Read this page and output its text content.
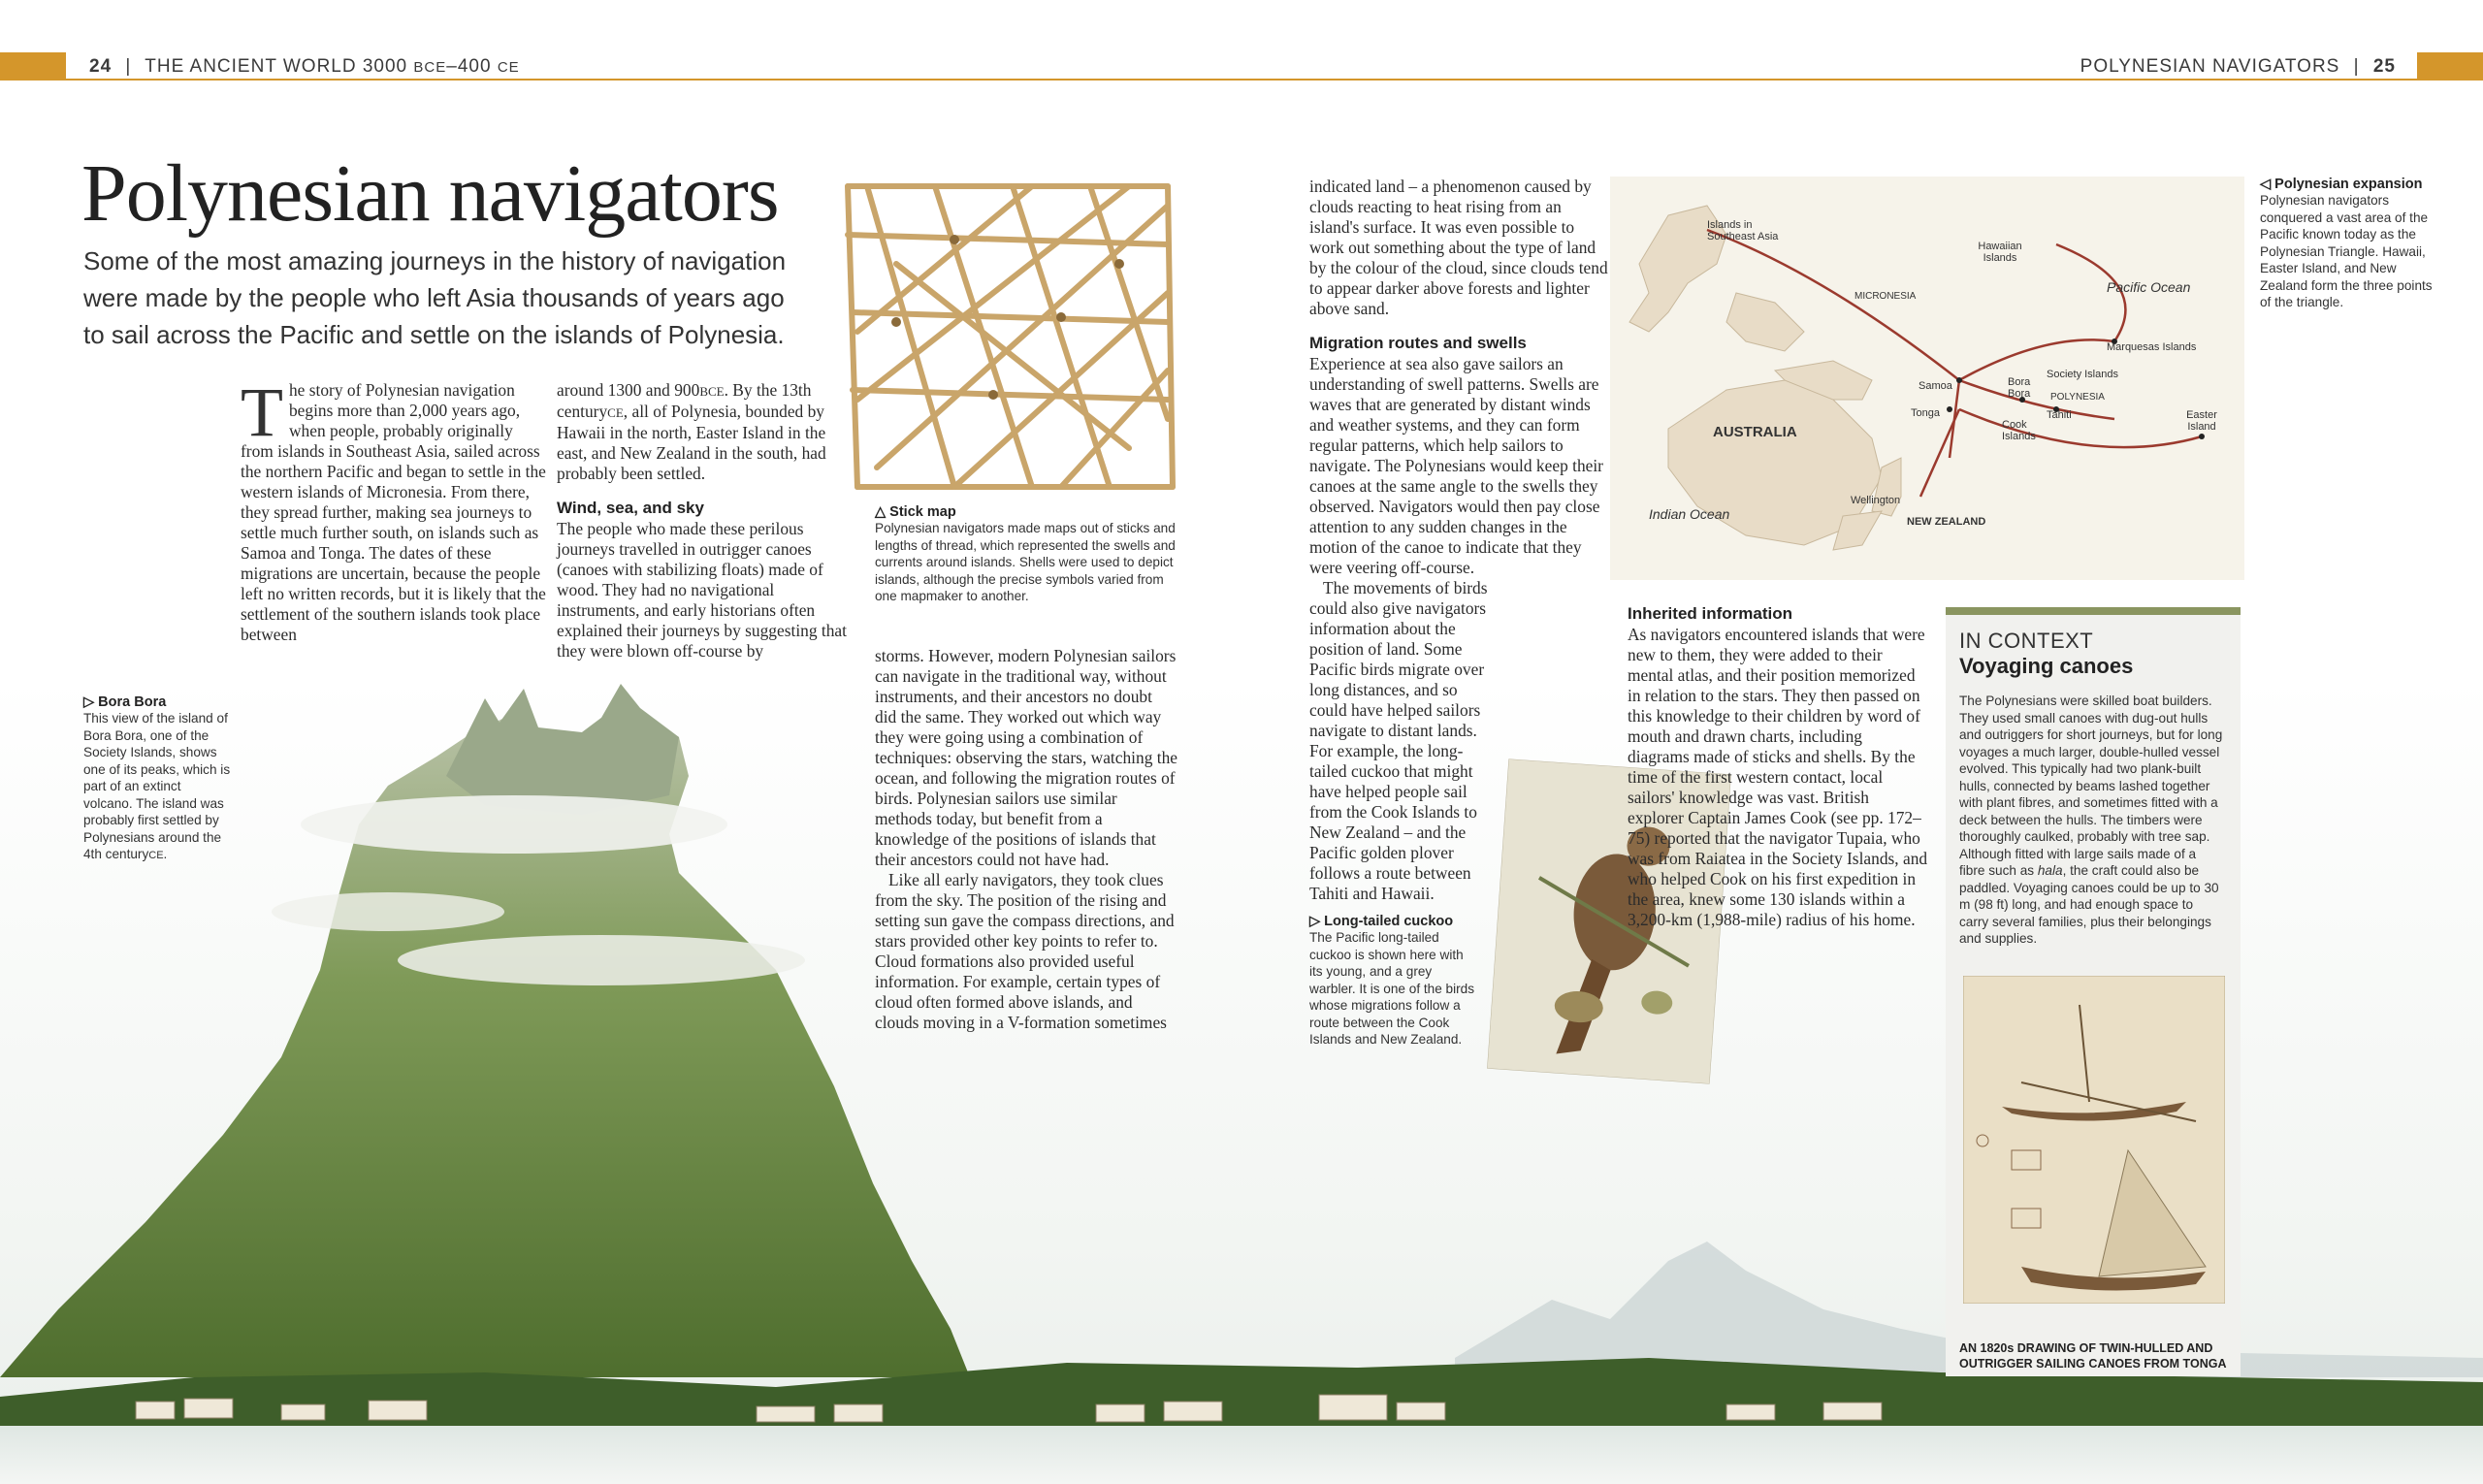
24 | THE ANCIENT WORLD 3000 BCE–400 CE	POLYNESIAN NAVIGATORS | 25
Polynesian navigators
Some of the most amazing journeys in the history of navigation were made by the people who left Asia thousands of years ago to sail across the Pacific and settle on the islands of Polynesia.
The story of Polynesian navigation begins more than 2,000 years ago, when people, probably originally from islands in Southeast Asia, sailed across the northern Pacific and began to settle in the western islands of Micronesia. From there, they spread further, making sea journeys to settle much further south, on islands such as Samoa and Tonga. The dates of these migrations are uncertain, because the people left no written records, but it is likely that the settlement of the southern islands took place between
around 1300 and 900BCE. By the 13th centuryCE, all of Polynesia, bounded by Hawaii in the north, Easter Island in the east, and New Zealand in the south, had probably been settled.
Wind, sea, and sky
The people who made these perilous journeys travelled in outrigger canoes (canoes with stabilizing floats) made of wood. They had no navigational instruments, and early historians often explained their journeys by suggesting that they were blown off-course by
△ Stick map
Polynesian navigators made maps out of sticks and lengths of thread, which represented the swells and currents around islands. Shells were used to depict islands, although the precise symbols varied from one mapmaker to another.
storms. However, modern Polynesian sailors can navigate in the traditional way, without instruments, and their ancestors no doubt did the same. They worked out which way they were going using a combination of techniques: observing the stars, watching the ocean, and following the migration routes of birds. Polynesian sailors use similar methods today, but benefit from a knowledge of the positions of islands that their ancestors could not have had.
Like all early navigators, they took clues from the sky. The position of the rising and setting sun gave the compass directions, and stars provided other key points to refer to. Cloud formations also provided useful information. For example, certain types of cloud often formed above islands, and clouds moving in a V-formation sometimes
indicated land – a phenomenon caused by clouds reacting to heat rising from an island's surface. It was even possible to work out something about the type of land by the colour of the cloud, since clouds tend to appear darker above forests and lighter above sand.
Migration routes and swells
Experience at sea also gave sailors an understanding of swell patterns. Swells are waves that are generated by distant winds and weather systems, and they can form regular patterns, which help sailors to navigate. The Polynesians would keep their canoes at the same angle to the swells they observed. Navigators would then pay close attention to any sudden changes in the motion of the canoe to indicate that they were veering off-course.
The movements of birds could also give navigators information about the position of land. Some Pacific birds migrate over long distances, and so could have helped sailors navigate to distant lands. For example, the long-tailed cuckoo that might have helped people sail from the Cook Islands to New Zealand – and the Pacific golden plover follows a route between Tahiti and Hawaii.
▷ Long-tailed cuckoo
The Pacific long-tailed cuckoo is shown here with its young, and a grey warbler. It is one of the birds whose migrations follow a route between the Cook Islands and New Zealand.
Islands in Southeast Asia
MICRONESIA
Hawaiian Islands
Pacific Ocean
Marquesas Islands
Society Islands
POLYNESIA
Bora Bora
Samoa
Tonga	Tahiti
Cook Islands
Easter Island
AUSTRALIA
Indian Ocean
Wellington
NEW ZEALAND
◁ Polynesian expansion
Polynesian navigators conquered a vast area of the Pacific known today as the Polynesian Triangle. Hawaii, Easter Island, and New Zealand form the three points of the triangle.
Inherited information
As navigators encountered islands that were new to them, they were added to their mental atlas, and their position memorized in relation to the stars. They then passed on this knowledge to their children by word of mouth and drawn charts, including diagrams made of sticks and shells. By the time of the first western contact, local sailors' knowledge was vast. British explorer Captain James Cook (see pp. 172–75) reported that the navigator Tupaia, who was from Raiatea in the Society Islands, and who helped Cook on his first expedition in the area, knew some 130 islands within a 3,200-km (1,988-mile) radius of his home.
▷ Bora Bora
This view of the island of Bora Bora, one of the Society Islands, shows one of its peaks, which is part of an extinct volcano. The island was probably first settled by Polynesians around the 4th centuryCE.
IN CONTEXT
Voyaging canoes
The Polynesians were skilled boat builders. They used small canoes with dug-out hulls and outriggers for short journeys, but for long voyages a much larger, double-hulled vessel evolved. This typically had two plank-built hulls, connected by beams lashed together with plant fibres, and sometimes fitted with a deck between the hulls. The timbers were thoroughly caulked, probably with tree sap. Although fitted with large sails made of a fibre such as hala, the craft could also be paddled. Voyaging canoes could be up to 30 m (98 ft) long, and had enough space to carry several families, plus their belongings and supplies.
AN 1820s DRAWING OF TWIN-HULLED AND OUTRIGGER SAILING CANOES FROM TONGA
